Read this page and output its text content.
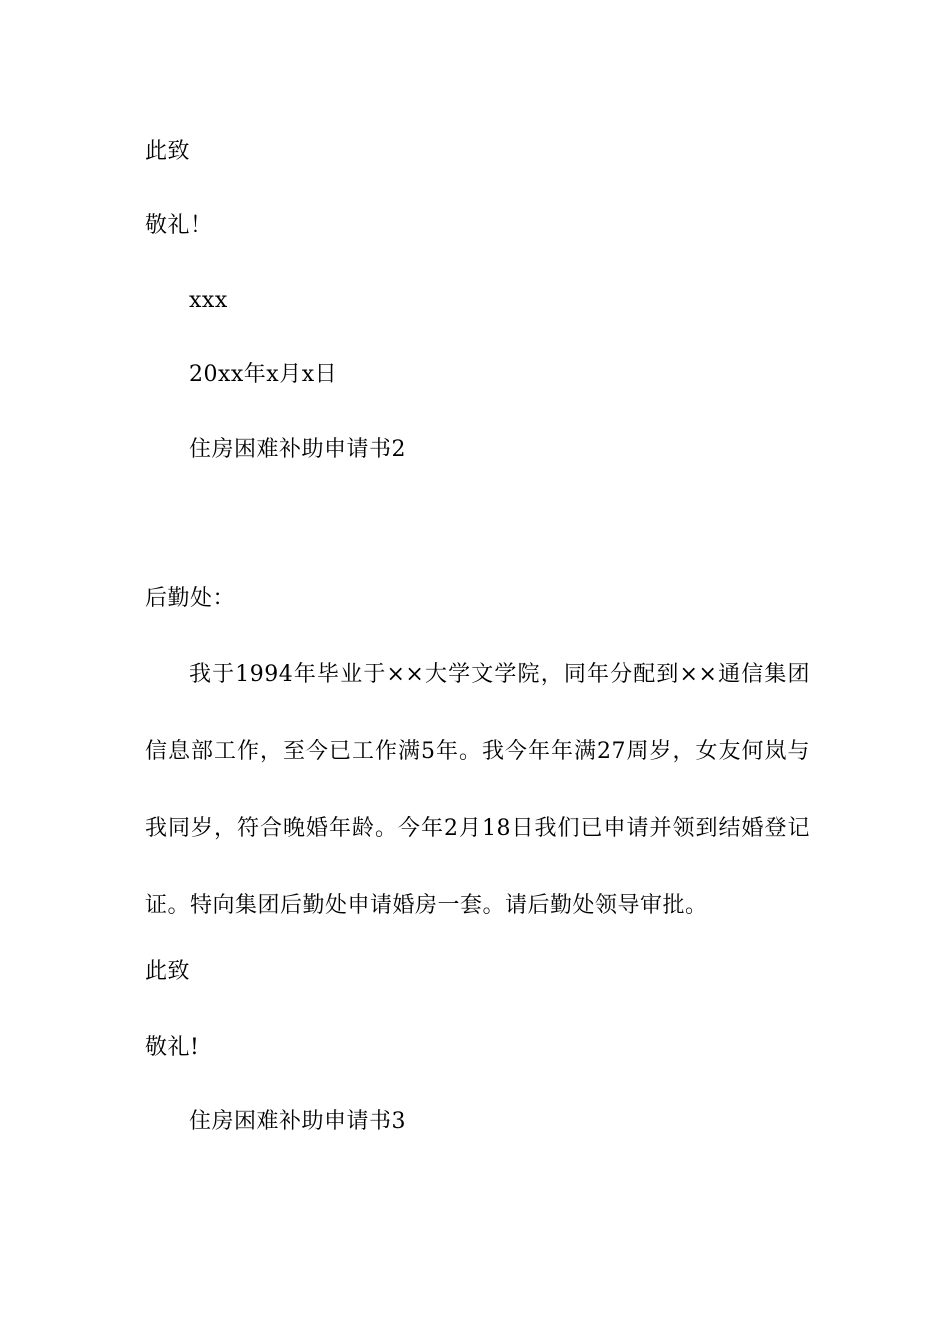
此致
敬礼！
xxx
20xx年x月x日
住房困难补助申请书2
后勤处：
我于1994年毕业于××大学文学院，同年分配到××通信集团信息部工作，至今已工作满5年。我今年年满27周岁，女友何岚与我同岁，符合晚婚年龄。今年2月18日我们已申请并领到结婚登记证。特向集团后勤处申请婚房一套。请后勤处领导审批。
此致
敬礼!
住房困难补助申请书3
